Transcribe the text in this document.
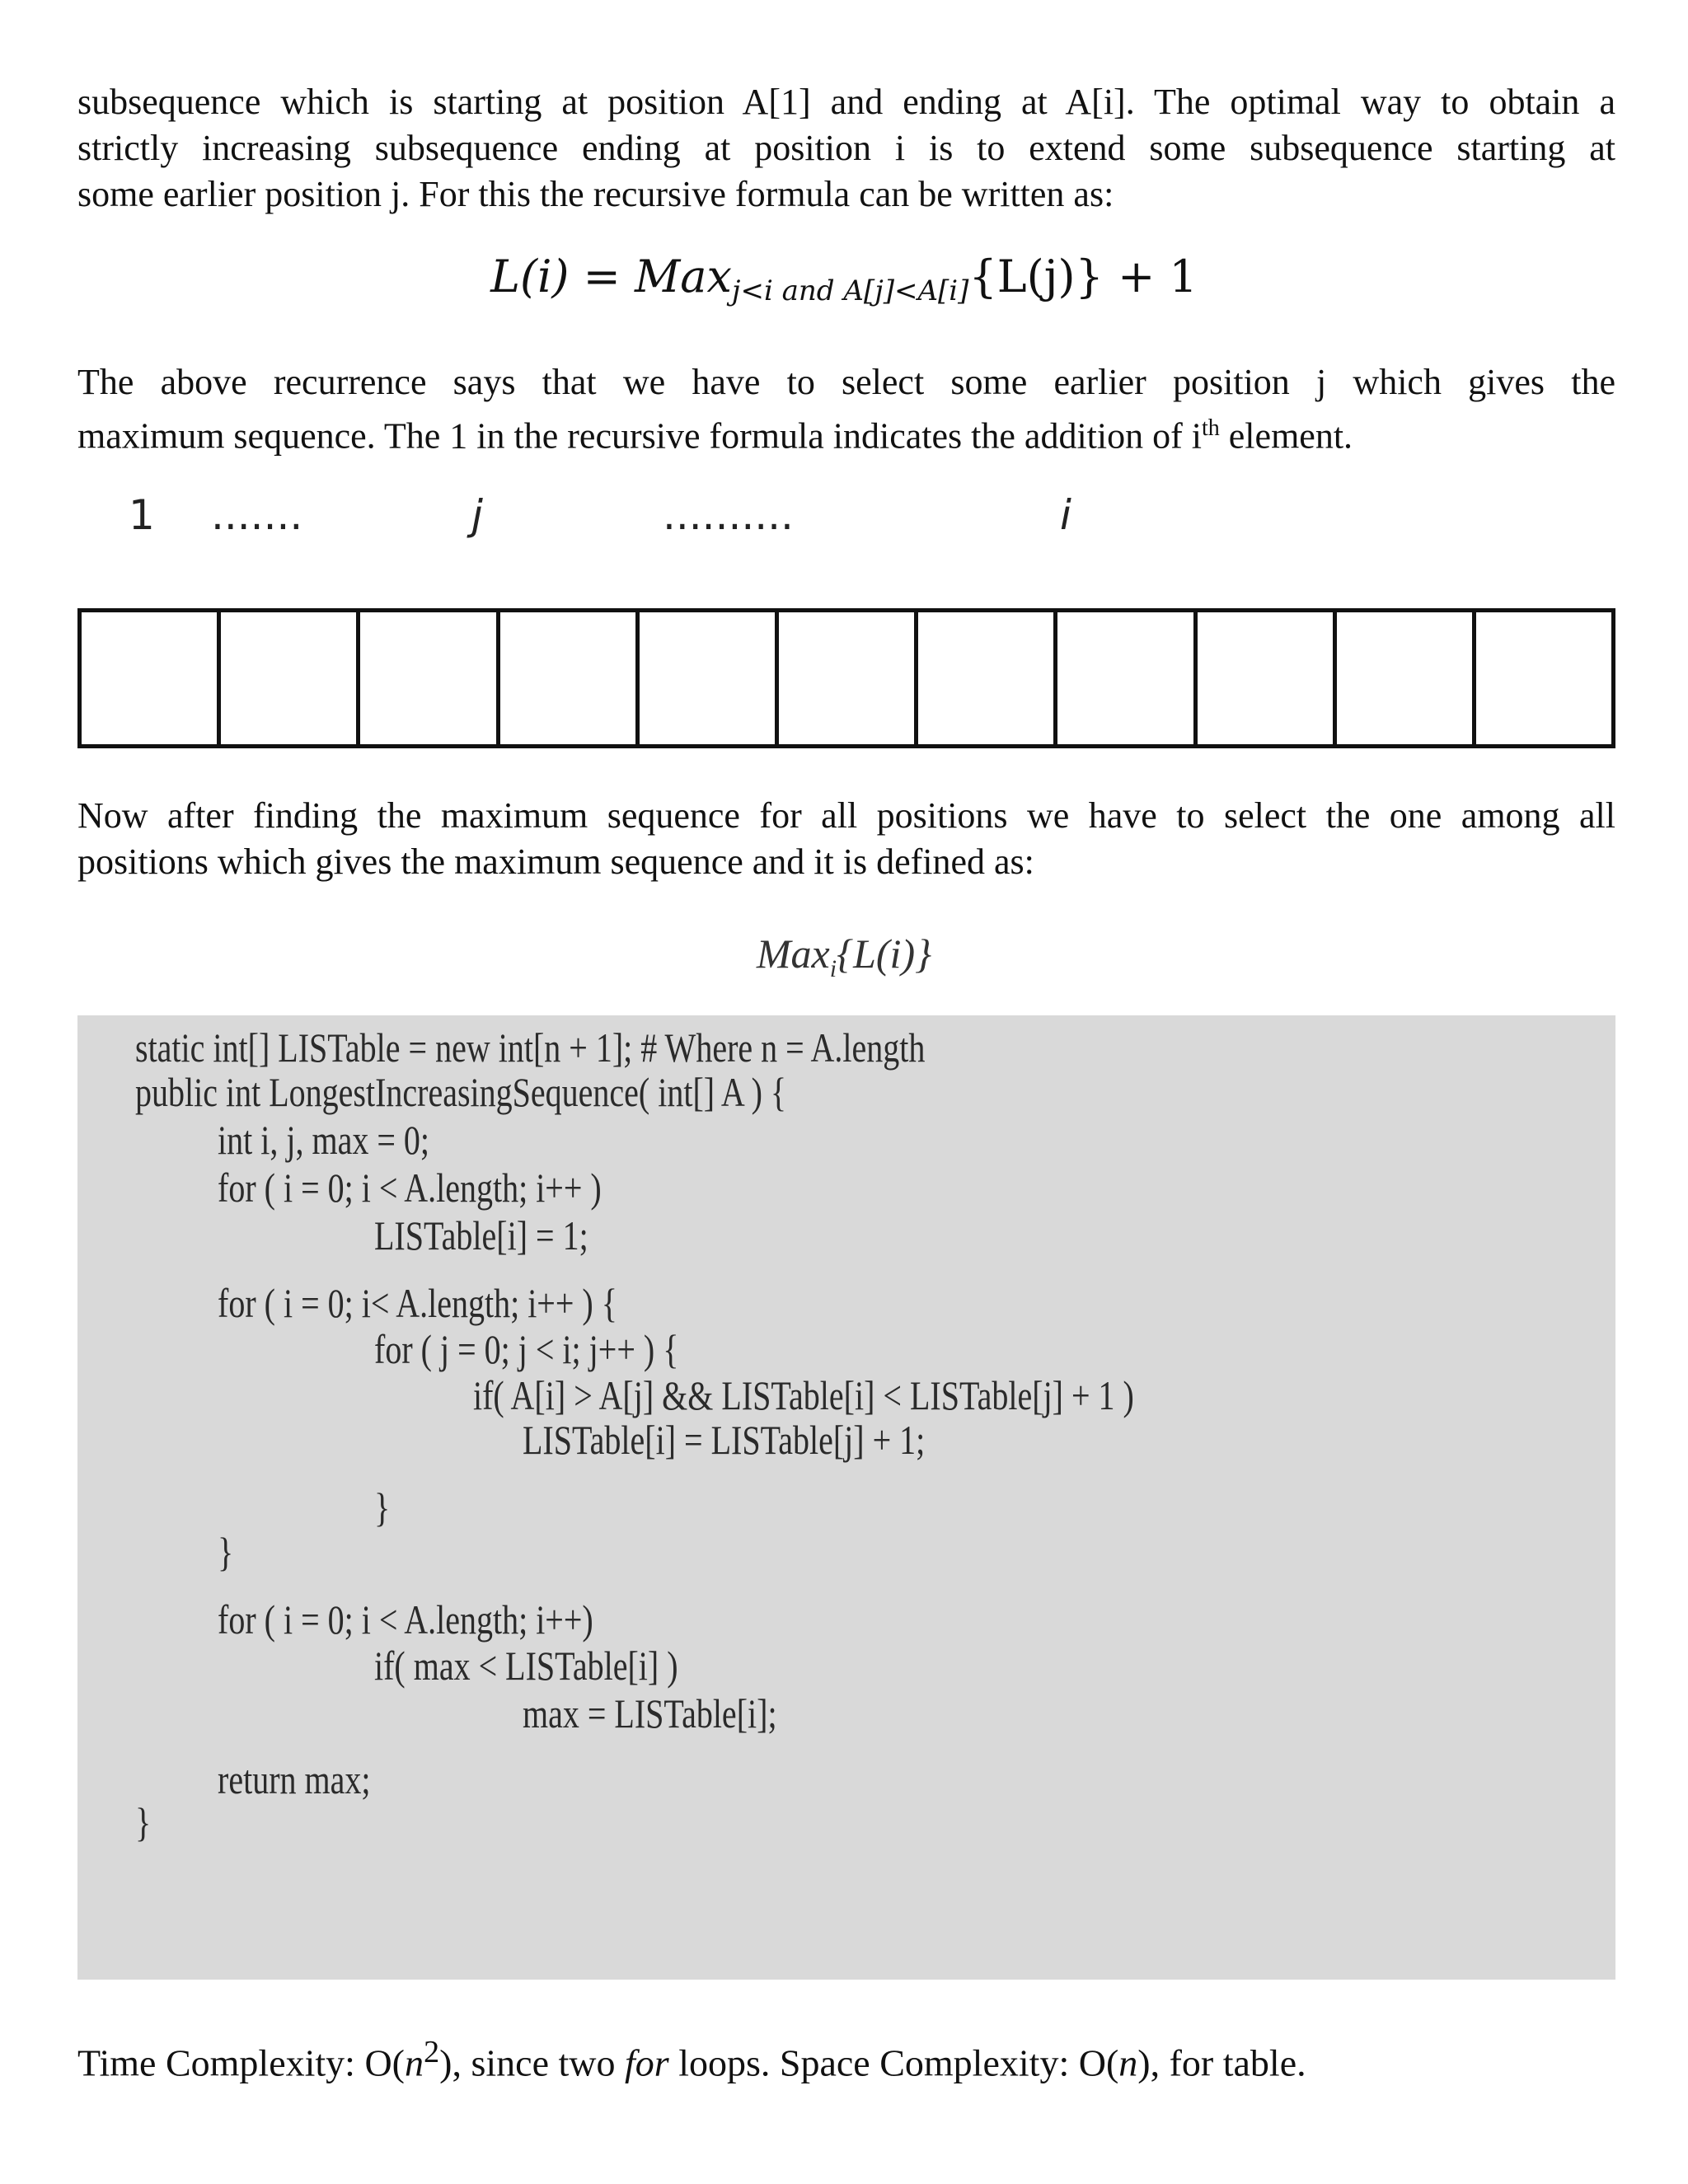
subsequence which is starting at position A[1] and ending at A[i]. The optimal way to obtain a
strictly increasing subsequence ending at position i is to extend some subsequence starting at
some earlier position j. For this the recursive formula can be written as:
L(i) = Max$_{j<i and A[j]<A[i]}${L(j)} + 1
The above recurrence says that we have to select some earlier position j which gives the
maximum sequence. The 1 in the recursive formula indicates the addition of $i^{th}$ element.
1 .......	j	..........	i
Now after finding the maximum sequence for all positions we have to select the one among all
positions which gives the maximum sequence and it is defined as:
Max$_i${L(i)}
static int[] LISTable = new int[n + 1]; # Where n = A.length
public int LongestIncreasingSequence( int[] A ) {
int i, j, max = 0;
for ( i = 0; i < A.length; i++ )
LISTable[i] = 1;
for ( i = 0; i< A.length; i++ ) {
for ( j = 0; j < i; j++ ) {
if( A[i] > A[j] && LISTable[i] < LISTable[j] + 1 )
LISTable[i] = LISTable[j] + 1;
}
}
for ( i = 0; i < A.length; i++)
if( max < LISTable[i] )
max = LISTable[i];
return max;
}
Time Complexity: $O(n^2)$, since two for loops. Space Complexity: O(n), for table.
